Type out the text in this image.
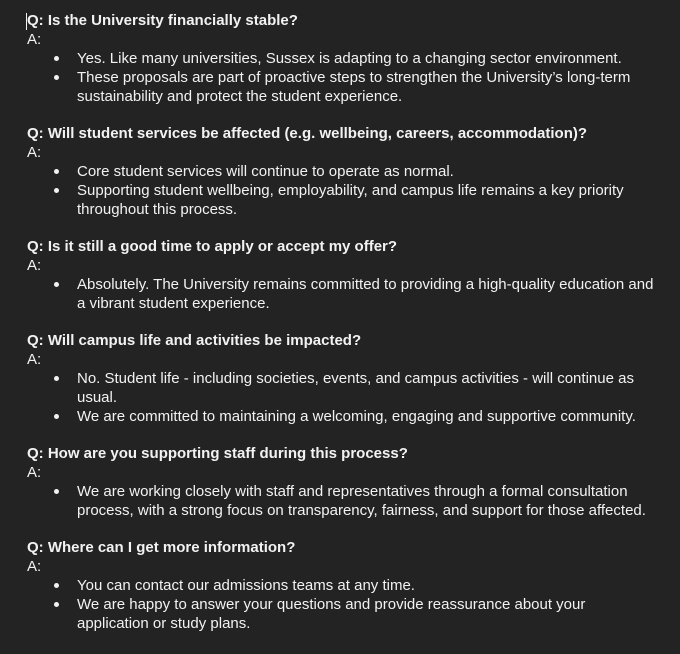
Q: Is the University financially stable?

A:

Yes. Like many universities, Sussex is adapting to a changing sector environment.
These proposals are part of proactive steps to strengthen the University’s long-term sustainability and protect the student experience.

Q: Will student services be affected (e.g. wellbeing, careers, accommodation)?

A:

Core student services will continue to operate as normal.
Supporting student wellbeing, employability, and campus life remains a key priority throughout this process.

Q: Is it still a good time to apply or accept my offer?

A:

Absolutely. The University remains committed to providing a high-quality education and a vibrant student experience.

Q: Will campus life and activities be impacted?

A:

No. Student life - including societies, events, and campus activities - will continue as usual.
We are committed to maintaining a welcoming, engaging and supportive community.

Q: How are you supporting staff during this process?

A:

We are working closely with staff and representatives through a formal consultation process, with a strong focus on transparency, fairness, and support for those affected.

Q: Where can I get more information?

A:

You can contact our admissions teams at any time.
We are happy to answer your questions and provide reassurance about your application or study plans.
